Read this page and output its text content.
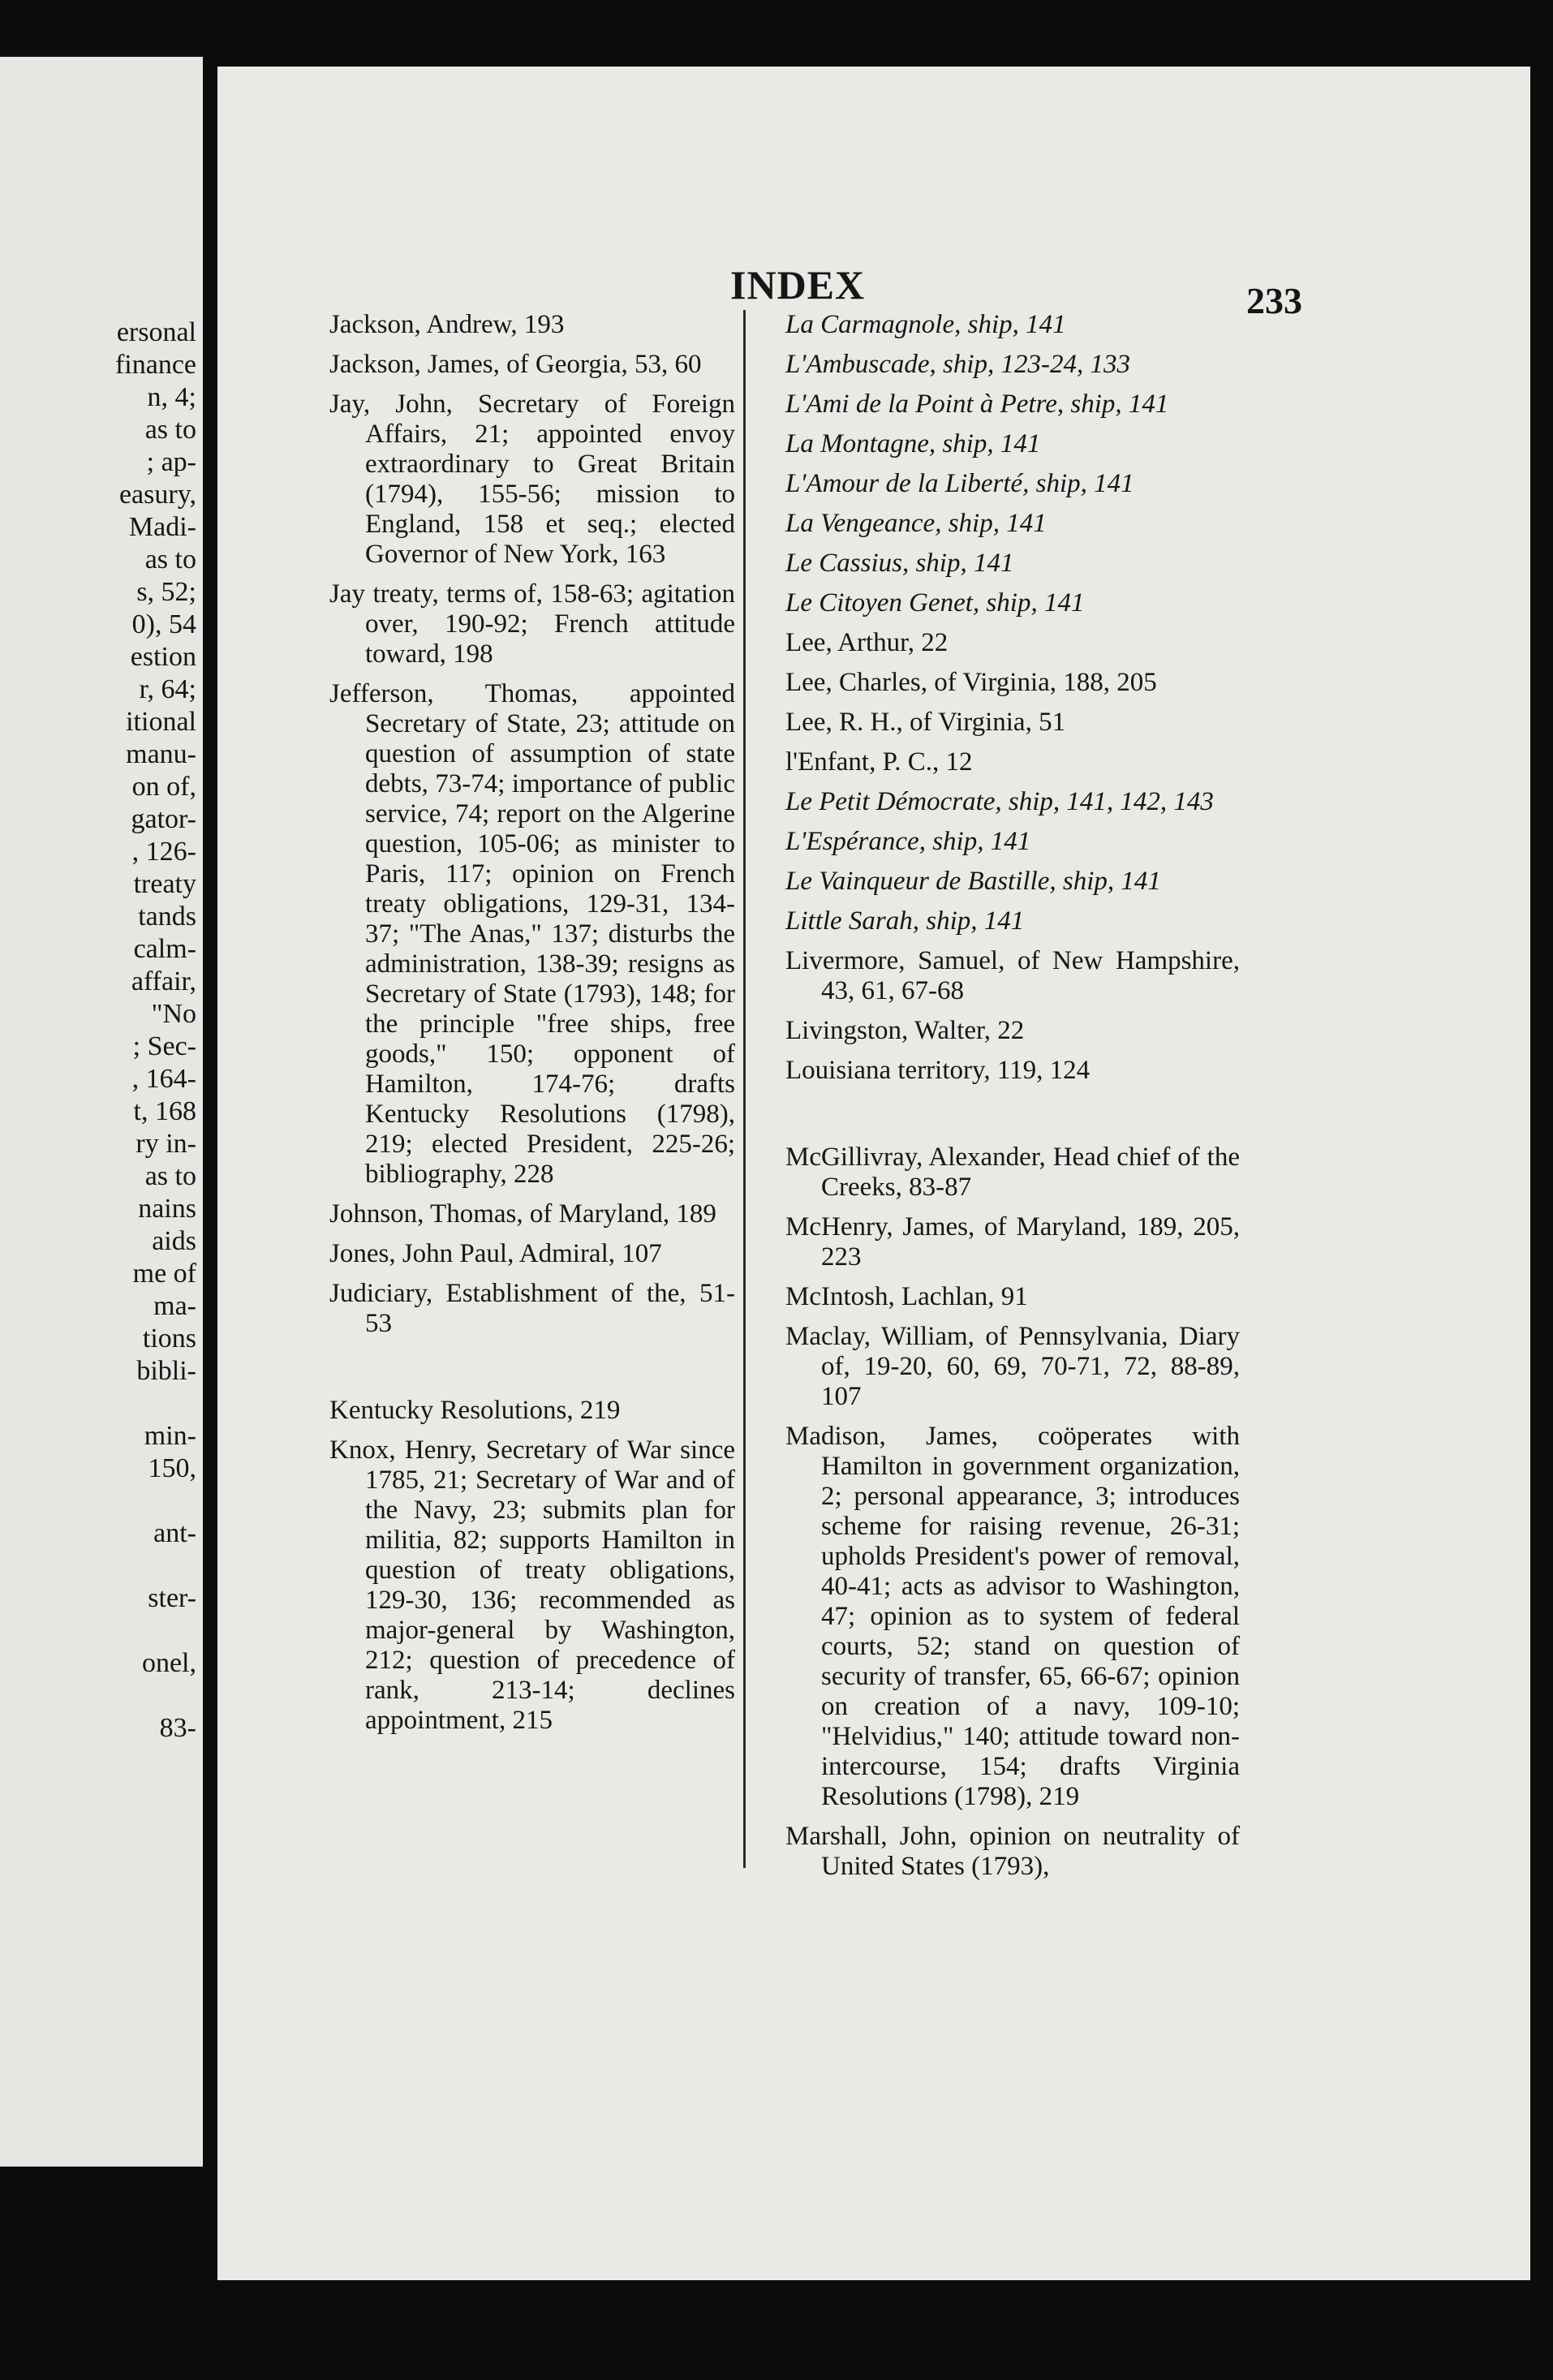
ersonal
finance
n, 4;
as to
; ap-
easury,
Madi-
as to
s, 52;
0), 54
estion
r, 64;
itional
manu-
on of,
gator-
, 126-
treaty
tands
calm-
affair,
"No
; Sec-
, 164-
t, 168
ry in-
as to
nains
aids
me of
ma-
tions
bibli-
min-
150,
ant-
ster-
onel,
83-
INDEX	233
Jackson, Andrew, 193
Jackson, James, of Georgia, 53, 60
Jay, John, Secretary of Foreign Affairs, 21; appointed envoy extraordinary to Great Britain (1794), 155-56; mission to England, 158 et seq.; elected Governor of New York, 163
Jay treaty, terms of, 158-63; agitation over, 190-92; French attitude toward, 198
Jefferson, Thomas, appointed Secretary of State, 23; attitude on question of assumption of state debts, 73-74; importance of public service, 74; report on the Algerine question, 105-06; as minister to Paris, 117; opinion on French treaty obligations, 129-31, 134-37; "The Anas," 137; disturbs the administration, 138-39; resigns as Secretary of State (1793), 148; for the principle "free ships, free goods," 150; opponent of Hamilton, 174-76; drafts Kentucky Resolutions (1798), 219; elected President, 225-26; bibliography, 228
Johnson, Thomas, of Maryland, 189
Jones, John Paul, Admiral, 107
Judiciary, Establishment of the, 51-53
Kentucky Resolutions, 219
Knox, Henry, Secretary of War since 1785, 21; Secretary of War and of the Navy, 23; submits plan for militia, 82; supports Hamilton in question of treaty obligations, 129-30, 136; recommended as major-general by Washington, 212; question of precedence of rank, 213-14; declines appointment, 215
La Carmagnole, ship, 141
L'Ambuscade, ship, 123-24, 133
L'Ami de la Point à Petre, ship, 141
La Montagne, ship, 141
L'Amour de la Liberté, ship, 141
La Vengeance, ship, 141
Le Cassius, ship, 141
Le Citoyen Genet, ship, 141
Lee, Arthur, 22
Lee, Charles, of Virginia, 188, 205
Lee, R. H., of Virginia, 51
l'Enfant, P. C., 12
Le Petit Démocrate, ship, 141, 142, 143
L'Espérance, ship, 141
Le Vainqueur de Bastille, ship, 141
Little Sarah, ship, 141
Livermore, Samuel, of New Hampshire, 43, 61, 67-68
Livingston, Walter, 22
Louisiana territory, 119, 124
McGillivray, Alexander, Head chief of the Creeks, 83-87
McHenry, James, of Maryland, 189, 205, 223
McIntosh, Lachlan, 91
Maclay, William, of Pennsylvania, Diary of, 19-20, 60, 69, 70-71, 72, 88-89, 107
Madison, James, coöperates with Hamilton in government organization, 2; personal appearance, 3; introduces scheme for raising revenue, 26-31; upholds President's power of removal, 40-41; acts as advisor to Washington, 47; opinion as to system of federal courts, 52; stand on question of security of transfer, 65, 66-67; opinion on creation of a navy, 109-10; "Helvidius," 140; attitude toward non-intercourse, 154; drafts Virginia Resolutions (1798), 219
Marshall, John, opinion on neutrality of United States (1793),
